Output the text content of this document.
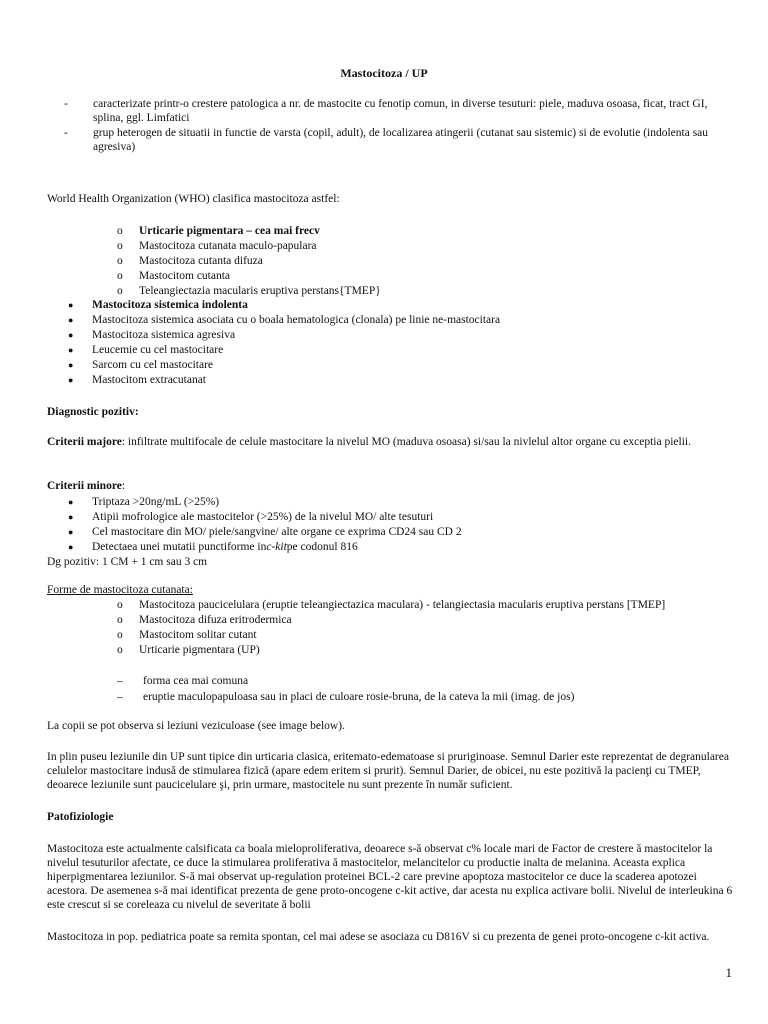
Mastocitoza / UP
-	caracterizate printr-o crestere patologica a nr. de mastocite cu fenotip comun, in diverse tesuturi: piele, maduva osoasa, ficat, tract GI, splina, ggl. Limfatici
-	grup heterogen de situatii in functie de varsta (copil, adult), de localizarea atingerii (cutanat sau sistemic) si de evolutie (indolenta sau agresiva)
World Health Organization (WHO) clasifica mastocitoza astfel:
o	Urticarie pigmentara – cea mai frecv
o	Mastocitoza cutanata maculo-papulara
o	Mastocitoza cutanta difuza
o	Mastocitom cutanta
o	Teleangiectazia macularis eruptiva perstans{TMEP}
●	Mastocitoza sistemica indolenta
●	Mastocitoza sistemica asociata cu o boala hematologica (clonala) pe linie ne-mastocitara
●	Mastocitoza sistemica agresiva
●	Leucemie cu cel mastocitare
●	Sarcom cu cel mastocitare
●	Mastocitom extracutanat
Diagnostic pozitiv:
Criterii majore: infiltrate multifocale de celule mastocitare la nivelul MO (maduva osoasa) si/sau la nivlelul altor organe cu exceptia pielii.
Criterii minore:
●	Triptaza >20ng/mL (>25%)
●	Atipii mofrologice ale mastocitelor (>25%) de la nivelul MO/ alte tesuturi
●	Cel mastocitare din MO/ piele/sangvine/ alte organe ce exprima CD24 sau CD 2
●	Detectaea unei mutatii punctiforme in c-kit pe codonul 816
Dg pozitiv: 1 CM + 1 cm sau 3 cm
Forme de mastocitoza cutanata:
o	Mastocitoza paucicelulara (eruptie teleangiectazica maculara) - telangiectasia macularis eruptiva perstans [TMEP]
o	Mastocitoza difuza eritrodermica
o	Mastocitom solitar cutant
o	Urticarie pigmentara (UP)
–	forma cea mai comuna
–	eruptie maculopapuloasa sau in placi de culoare rosie-bruna, de la cateva la mii (imag. de jos)
La copii se pot observa si leziuni veziculoase (see image below).
In plin puseu leziunile din UP sunt tipice din urticaria clasica, eritemato-edematoase si pruriginoase. Semnul Darier este reprezentat de degranularea celulelor mastocitare indusă de stimularea fizică (apare edem eritem si prurit). Semnul Darier, de obicei, nu este pozitivă la pacienţi cu TMEP, deoarece leziunile sunt paucicelulare şi, prin urmare, mastocitele nu sunt prezente în număr suficient.
Patofiziologie
Mastocitoza este actualmente calsificata ca boala mieloproliferativa, deoarece s-ă observat c% locale mari de Factor de crestere ă mastocitelor la nivelul tesuturilor afectate, ce duce la stimularea proliferativa ă mastocitelor, melancitelor cu productie inalta de melanina. Aceasta explica hiperpigmentarea leziunilor. S-ă mai observat up-regulation proteinei BCL-2 care previne apoptoza mastocitelor ce duce la scaderea apotozei acestora. De asemenea s-ă mai identificat prezenta de gene proto-oncogene c-kit active, dar acesta nu explica activare bolii. Nivelul de interleukina 6 este crescut si se coreleaza cu nivelul de severitate ă bolii
Mastocitoza in pop. pediatrica poate sa remita spontan, cel mai adese se asociaza cu D816V si cu prezenta de genei proto-oncogene c-kit activa.
1
